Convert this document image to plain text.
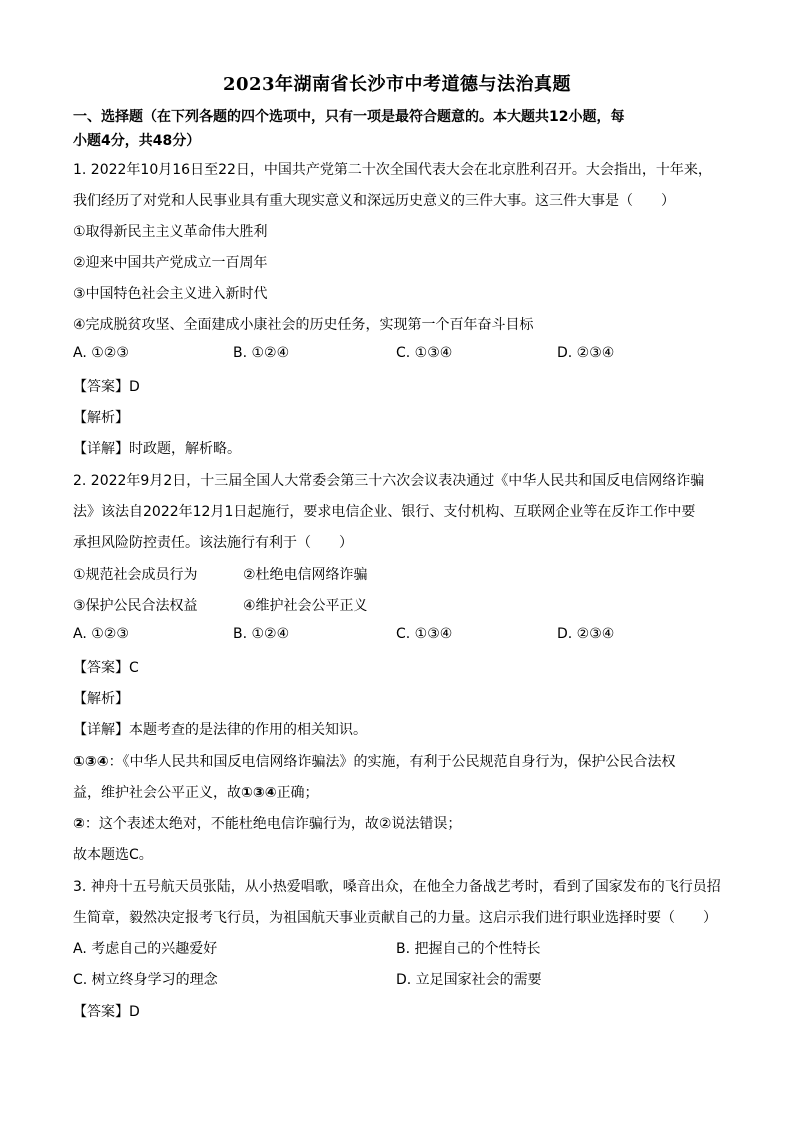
2023年湖南省长沙市中考道德与法治真题
一、选择题（在下列各题的四个选项中，只有一项是最符合题意的。本大题共12小题，每
小题4分，共48分）
1. 2022年10月16日至22日，中国共产党第二十次全国代表大会在北京胜利召开。大会指出，十年来，
我们经历了对党和人民事业具有重大现实意义和深远历史意义的三件大事。这三件大事是（　　）
①取得新民主主义革命伟大胜利
②迎来中国共产党成立一百周年
③中国特色社会主义进入新时代
④完成脱贫攻坚、全面建成小康社会的历史任务，实现第一个百年奋斗目标
A. ①②③	B. ①②④	C. ①③④	D. ②③④
【答案】D
【解析】
【详解】时政题，解析略。
2. 2022年9月2日，十三届全国人大常委会第三十六次会议表决通过《中华人民共和国反电信网络诈骗
法》该法自2022年12月1日起施行，要求电信企业、银行、支付机构、互联网企业等在反诈工作中要
承担风险防控责任。该法施行有利于（　　）
①规范社会成员行为	②杜绝电信网络诈骗
③保护公民合法权益	④维护社会公平正义
A. ①②③	B. ①②④	C. ①③④	D. ②③④
【答案】C
【解析】
【详解】本题考查的是法律的作用的相关知识。
①③④：《中华人民共和国反电信网络诈骗法》的实施，有利于公民规范自身行为，保护公民合法权
益，维护社会公平正义，故①③④正确；
②：这个表述太绝对，不能杜绝电信诈骗行为，故②说法错误；
故本题选C。
3. 神舟十五号航天员张陆，从小热爱唱歌，嗓音出众，在他全力备战艺考时，看到了国家发布的飞行员招
生简章，毅然决定报考飞行员，为祖国航天事业贡献自己的力量。这启示我们进行职业选择时要（　　）
A. 考虑自己的兴趣爱好	B. 把握自己的个性特长
C. 树立终身学习的理念	D. 立足国家社会的需要
【答案】D
